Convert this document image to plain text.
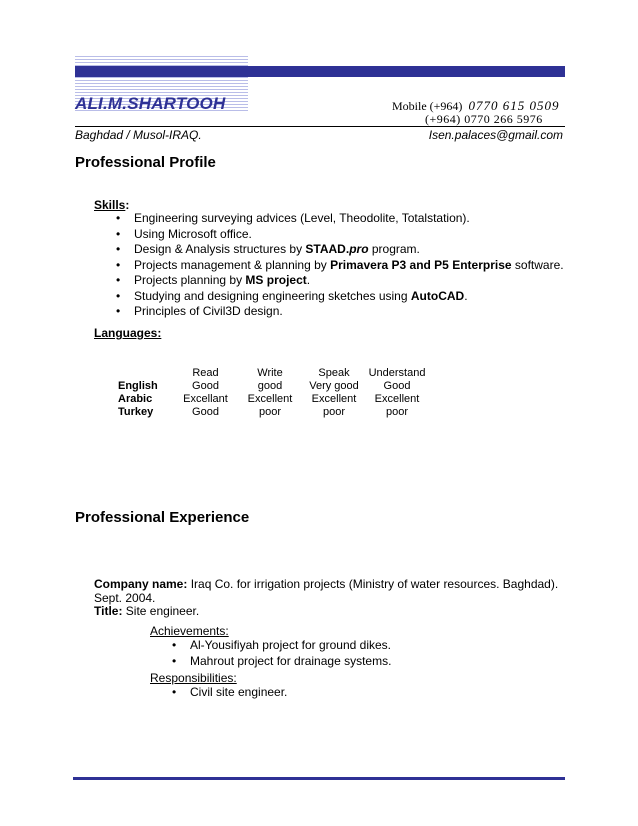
ALI.M.SHARTOOH	Mobile (+964) 0770 615 0509
(+964) 0770 266 5976
Baghdad / Musol-IRAQ.	Isen.palaces@gmail.com
Professional Profile
Skills:
• Engineering surveying advices (Level, Theodolite, Totalstation).
• Using Microsoft office.
• Design & Analysis structures by STAAD.pro program.
• Projects management & planning by Primavera P3 and P5 Enterprise software.
• Projects planning by MS project.
• Studying and designing engineering sketches using AutoCAD.
• Principles of Civil3D design.
Languages:
	Read	Write	Speak	Understand
English	Good	good	Very good	Good
Arabic	Excellant	Excellent	Excellent	Excellent
Turkey	Good	poor	poor	poor
Professional Experience
Company name: Iraq Co. for irrigation projects (Ministry of water resources. Baghdad).
Sept. 2004.
Title: Site engineer.
Achievements:
• Al-Yousifiyah project for ground dikes.
• Mahrout project for drainage systems.
Responsibilities:
• Civil site engineer.
